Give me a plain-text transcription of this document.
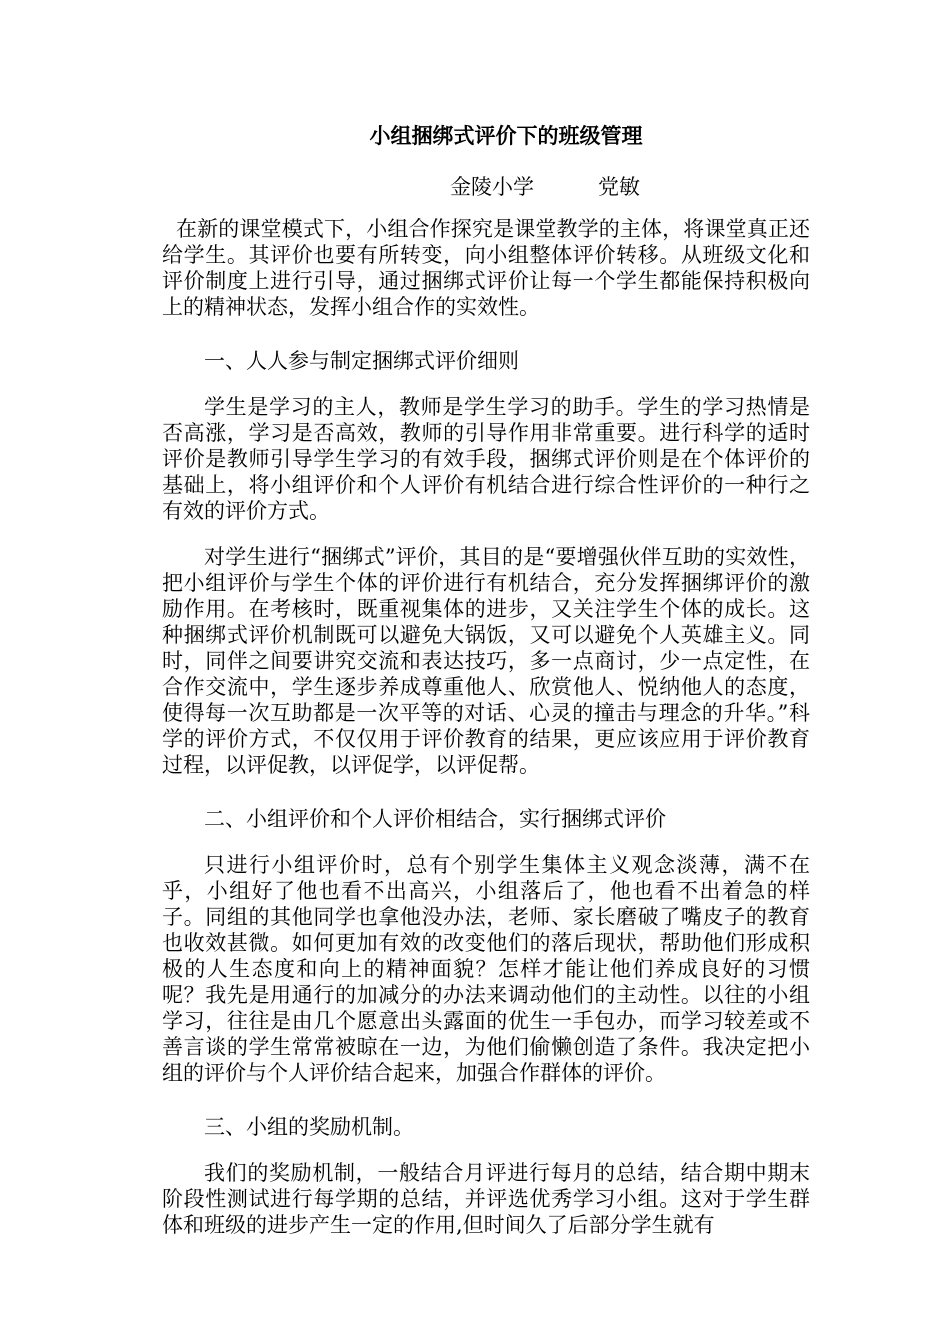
小组捆绑式评价下的班级管理
金陵小学	党敏

在新的课堂模式下，小组合作探究是课堂教学的主体，将课堂真正还给学生。其评价也要有所转变，向小组整体评价转移。从班级文化和评价制度上进行引导，通过捆绑式评价让每一个学生都能保持积极向上的精神状态，发挥小组合作的实效性。

一、人人参与制定捆绑式评价细则

学生是学习的主人，教师是学生学习的助手。学生的学习热情是否高涨，学习是否高效，教师的引导作用非常重要。进行科学的适时评价是教师引导学生学习的有效手段，捆绑式评价则是在个体评价的基础上，将小组评价和个人评价有机结合进行综合性评价的一种行之有效的评价方式。

对学生进行“捆绑式”评价，其目的是“要增强伙伴互助的实效性，把小组评价与学生个体的评价进行有机结合，充分发挥捆绑评价的激励作用。在考核时，既重视集体的进步，又关注学生个体的成长。这种捆绑式评价机制既可以避免大锅饭，又可以避免个人英雄主义。同时，同伴之间要讲究交流和表达技巧，多一点商讨，少一点定性，在合作交流中，学生逐步养成尊重他人、欣赏他人、悦纳他人的态度，使得每一次互助都是一次平等的对话、心灵的撞击与理念的升华。”科学的评价方式，不仅仅用于评价教育的结果，更应该应用于评价教育过程，以评促教，以评促学，以评促帮。

二、小组评价和个人评价相结合，实行捆绑式评价

只进行小组评价时，总有个别学生集体主义观念淡薄，满不在乎，小组好了他也看不出高兴，小组落后了，他也看不出着急的样子。同组的其他同学也拿他没办法，老师、家长磨破了嘴皮子的教育也收效甚微。如何更加有效的改变他们的落后现状，帮助他们形成积极的人生态度和向上的精神面貌？怎样才能让他们养成良好的习惯呢？我先是用通行的加减分的办法来调动他们的主动性。以往的小组学习，往往是由几个愿意出头露面的优生一手包办，而学习较差或不善言谈的学生常常被晾在一边，为他们偷懒创造了条件。我决定把小组的评价与个人评价结合起来，加强合作群体的评价。

三、小组的奖励机制。

我们的奖励机制，一般结合月评进行每月的总结，结合期中期末阶段性测试进行每学期的总结，并评选优秀学习小组。这对于学生群体和班级的进步产生一定的作用,但时间久了后部分学生就有
